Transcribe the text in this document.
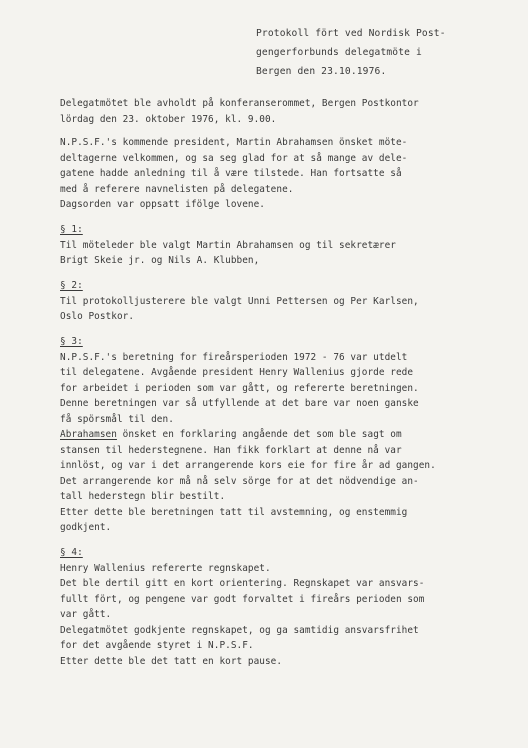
Protokoll fört ved Nordisk Post-
gengerforbunds delegatmöte i
Bergen den 23.10.1976.
Delegatmötet ble avholdt på konferanserommet, Bergen Postkontor
lördag den 23. oktober 1976, kl. 9.00.
N.P.S.F.'s kommende president, Martin Abrahamsen önsket möte-
deltagerne velkommen, og sa seg glad for at så mange av dele-
gatene hadde anledning til å være tilstede. Han fortsatte så
med å referere navnelisten på delegatene.
Dagsorden var oppsatt ifölge lovene.
§ 1:
Til möteleder ble valgt Martin Abrahamsen og til sekretærer
Brigt Skeie jr. og Nils A. Klubben,
§ 2:
Til protokolljusterere ble valgt Unni Pettersen og Per Karlsen,
Oslo Postkor.
§ 3:
N.P.S.F.'s beretning for fireårsperioden 1972 - 76 var utdelt
til delegatene. Avgående president Henry Wallenius gjorde rede
for arbeidet i perioden som var gått, og refererte beretningen.
Denne beretningen var så utfyllende at det bare var noen ganske
få spörsmål til den.
Abrahamsen önsket en forklaring angående det som ble sagt om
stansen til hederstegnene. Han fikk forklart at denne nå var
innlöst, og var i det arrangerende kors eie for fire år ad gangen.
Det arrangerende kor må nå selv sörge for at det nödvendige an-
tall hederstegn blir bestilt.
Etter dette ble beretningen tatt til avstemning, og enstemmig
godkjent.
§ 4:
Henry Wallenius refererte regnskapet.
Det ble dertil gitt en kort orientering. Regnskapet var ansvars-
fullt fört, og pengene var godt forvaltet i fireårs perioden som
var gått.
Delegatmötet godkjente regnskapet, og ga samtidig ansvarsfrihet
for det avgående styret i N.P.S.F.
Etter dette ble det tatt en kort pause.
